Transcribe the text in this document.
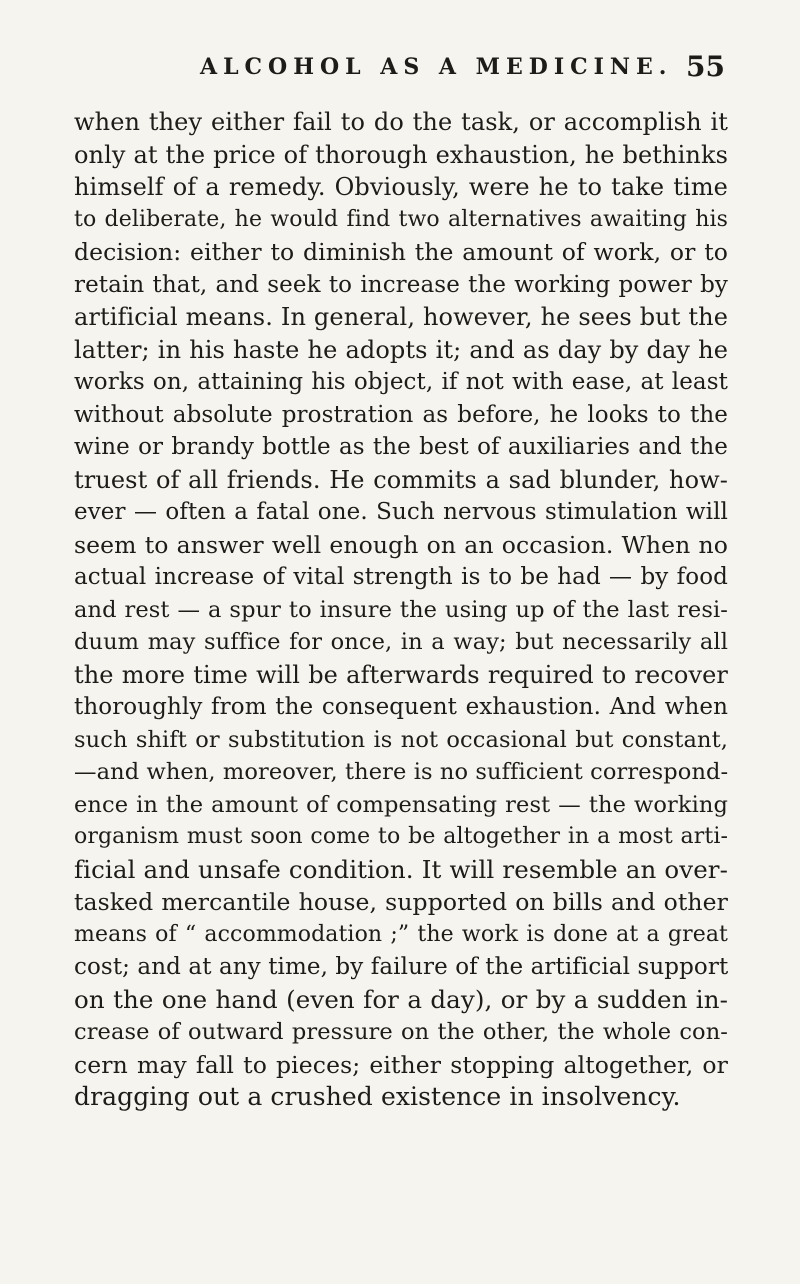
ALCOHOL AS A MEDICINE. 55
when they either fail to do the task, or accomplish it
only at the price of thorough exhaustion, he bethinks
himself of a remedy. Obviously, were he to take time
to deliberate, he would find two alternatives awaiting his
decision: either to diminish the amount of work, or to
retain that, and seek to increase the working power by
artificial means. In general, however, he sees but the
latter; in his haste he adopts it; and as day by day he
works on, attaining his object, if not with ease, at least
without absolute prostration as before, he looks to the
wine or brandy bottle as the best of auxiliaries and the
truest of all friends. He commits a sad blunder, how-
ever — often a fatal one. Such nervous stimulation will
seem to answer well enough on an occasion. When no
actual increase of vital strength is to be had — by food
and rest — a spur to insure the using up of the last resi-
duum may suffice for once, in a way; but necessarily all
the more time will be afterwards required to recover
thoroughly from the consequent exhaustion. And when
such shift or substitution is not occasional but constant,
—and when, moreover, there is no sufficient correspond-
ence in the amount of compensating rest — the working
organism must soon come to be altogether in a most arti-
ficial and unsafe condition. It will resemble an over-
tasked mercantile house, supported on bills and other
means of “ accommodation ;” the work is done at a great
cost; and at any time, by failure of the artificial support
on the one hand (even for a day), or by a sudden in-
crease of outward pressure on the other, the whole con-
cern may fall to pieces; either stopping altogether, or
dragging out a crushed existence in insolvency.
